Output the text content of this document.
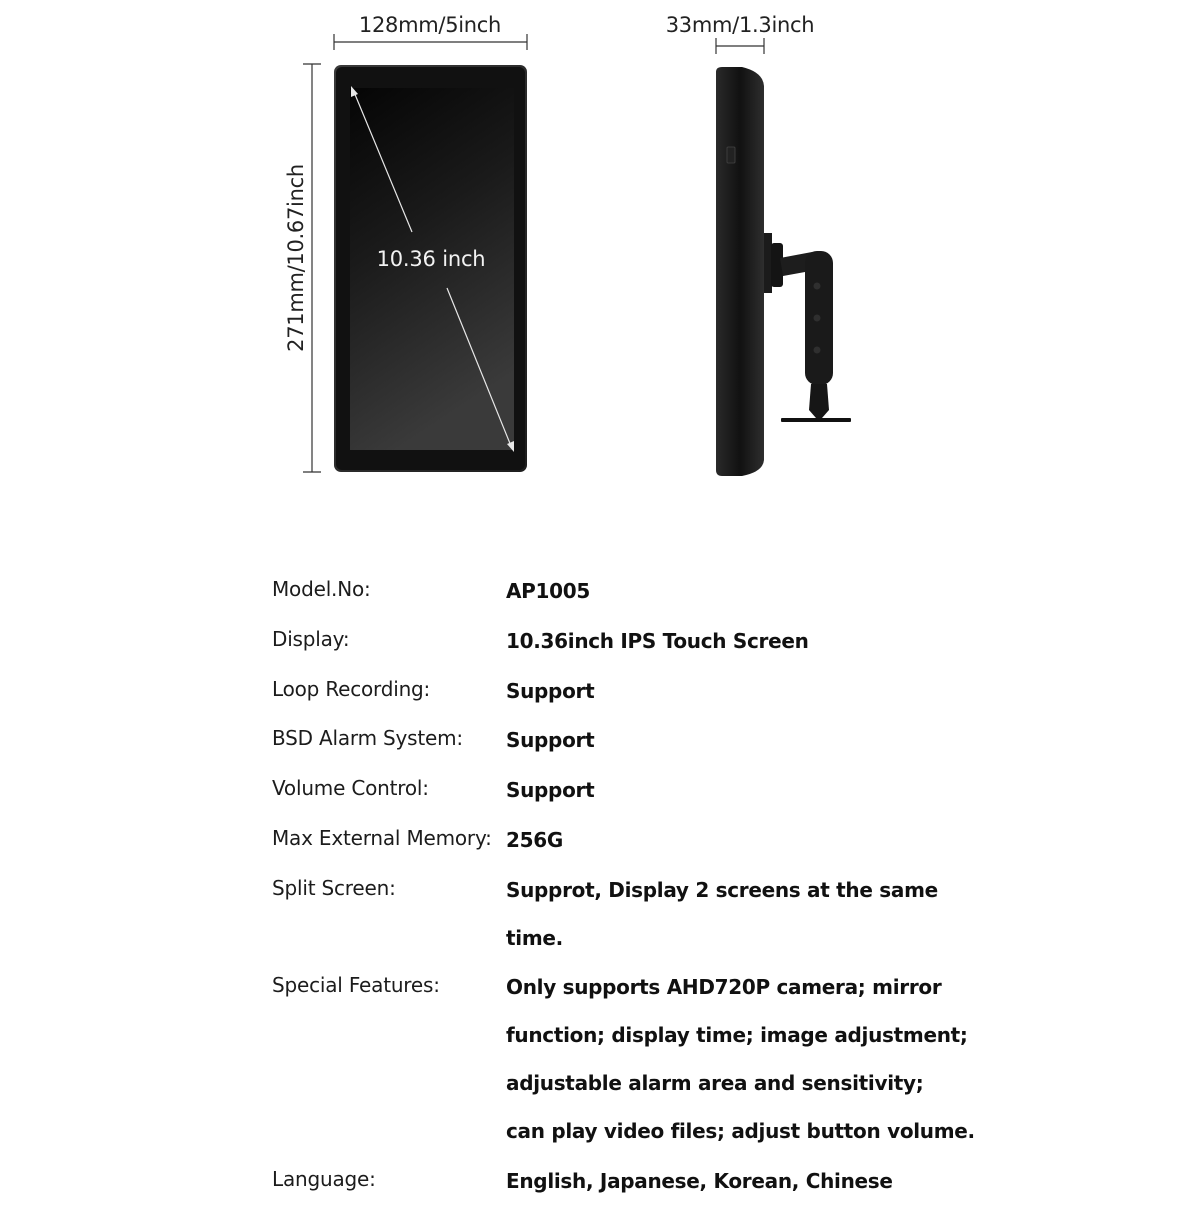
128mm/5inch
271mm/10.67inch	10.36 inch
33mm/1.3inch
Model.No:	AP1005
Display:	10.36inch IPS Touch Screen
Loop Recording:	Support
BSD Alarm System:	Support
Volume Control:	Support
Max External Memory: 256G
Split Screen:	Supprot, Display 2 screens at the same
time.
Special Features:	Only supports AHD720P camera; mirror
function; display time; image adjustment;
adjustable alarm area and sensitivity;
can play video files; adjust button volume.
Language:	English, Japanese, Korean, Chinese
